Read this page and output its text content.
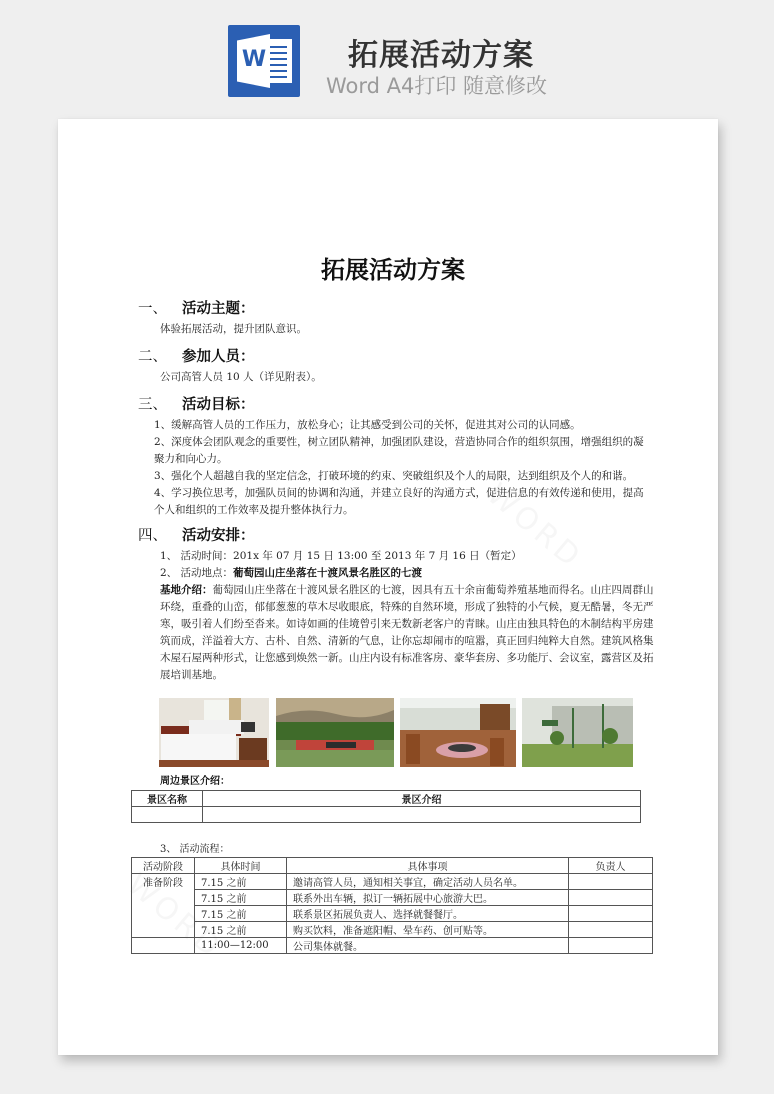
W	拓展活动方案
Word A4打印 随意修改
拓展活动方案
一、 活动主题：
体验拓展活动，提升团队意识。
二、 参加人员：
公司高管人员 10 人（详见附表）。
三、 活动目标：
1、缓解高管人员的工作压力，放松身心；让其感受到公司的关怀，促进其对公司的认同感。
2、深度体会团队观念的重要性，树立团队精神，加强团队建设，营造协同合作的组织氛围，增强组织的凝聚力和向心力。
3、强化个人超越自我的坚定信念，打破环境的约束、突破组织及个人的局限，达到组织及个人的和谐。
4、学习换位思考，加强队员间的协调和沟通，并建立良好的沟通方式，促进信息的有效传递和使用，提高个人和组织的工作效率及提升整体执行力。
四、 活动安排：
1、 活动时间：201x 年 07 月 15 日 13:00 至 2013 年 7 月 16 日（暂定）
2、 活动地点：葡萄园山庄坐落在十渡风景名胜区的七渡
基地介绍：葡萄园山庄坐落在十渡风景名胜区的七渡，因具有五十余亩葡萄养殖基地而得名。山庄四周群山环绕，重叠的山峦，郁郁葱葱的草木尽收眼底，特殊的自然环境，形成了独特的小气候，夏无酷暑，冬无严寒，吸引着人们纷至沓来。如诗如画的佳境曾引来无数新老客户的青睐。山庄由独具特色的木制结构平房建筑而成，洋溢着大方、古朴、自然、清新的气息，让你忘却闹市的喧嚣，真正回归纯粹大自然。建筑风格集木屋石屋两种形式，让您感到焕然一新。山庄内设有标准客房、豪华套房、多功能厅、会议室，露营区及拓展培训基地。
周边景区介绍：
景区名称	景区介绍

3、 活动流程：
活动阶段	具体时间	具体事项	负责人
准备阶段	7.15 之前	邀请高管人员，通知相关事宜，确定活动人员名单。	
	7.15 之前	联系外出车辆，拟订一辆拓展中心旅游大巴。	
	7.15 之前	联系景区拓展负责人、选择就餐餐厅。	
	7.15 之前	购买饮料，准备遮阳帽、晕车药、创可贴等。	
	11:00—12:00	公司集体就餐。	
